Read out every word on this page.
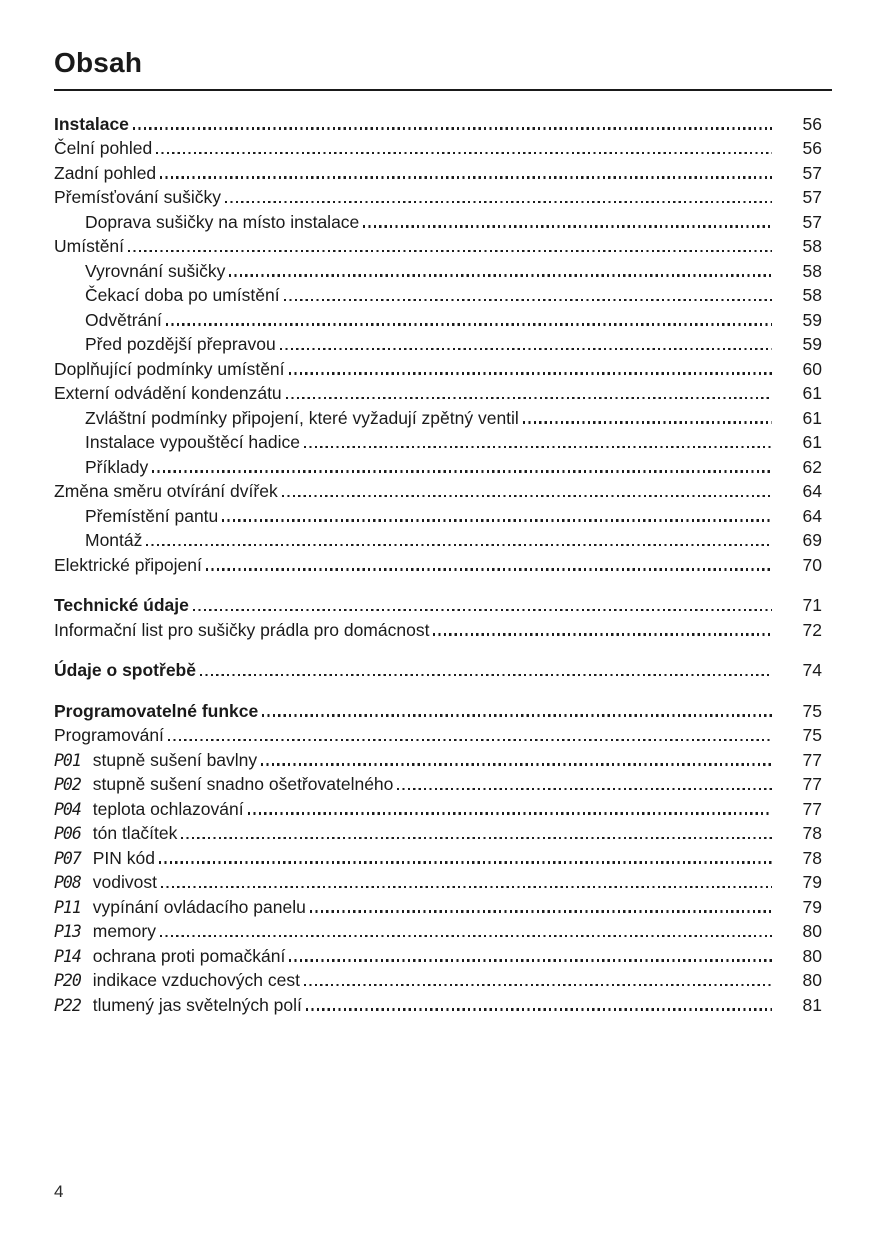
Obsah
Instalace	56
Čelní pohled	56
Zadní pohled	57
Přemísťování sušičky	57
Doprava sušičky na místo instalace	57
Umístění	58
Vyrovnání sušičky	58
Čekací doba po umístění	58
Odvětrání	59
Před pozdější přepravou	59
Doplňující podmínky umístění	60
Externí odvádění kondenzátu	61
Zvláštní podmínky připojení, které vyžadují zpětný ventil	61
Instalace vypouštěcí hadice	61
Příklady	62
Změna směru otvírání dvířek	64
Přemístění pantu	64
Montáž	69
Elektrické připojení	70
Technické údaje	71
Informační list pro sušičky prádla pro domácnost	72
Údaje o spotřebě	74
Programovatelné funkce	75
Programování	75
P01 stupně sušení bavlny	77
P02 stupně sušení snadno ošetřovatelného	77
P04 teplota ochlazování	77
P06 tón tlačítek	78
P07 PIN kód	78
P08 vodivost	79
P11 vypínání ovládacího panelu	79
P13 memory	80
P14 ochrana proti pomačkání	80
P20 indikace vzduchových cest	80
P22 tlumený jas světelných polí	81
4
